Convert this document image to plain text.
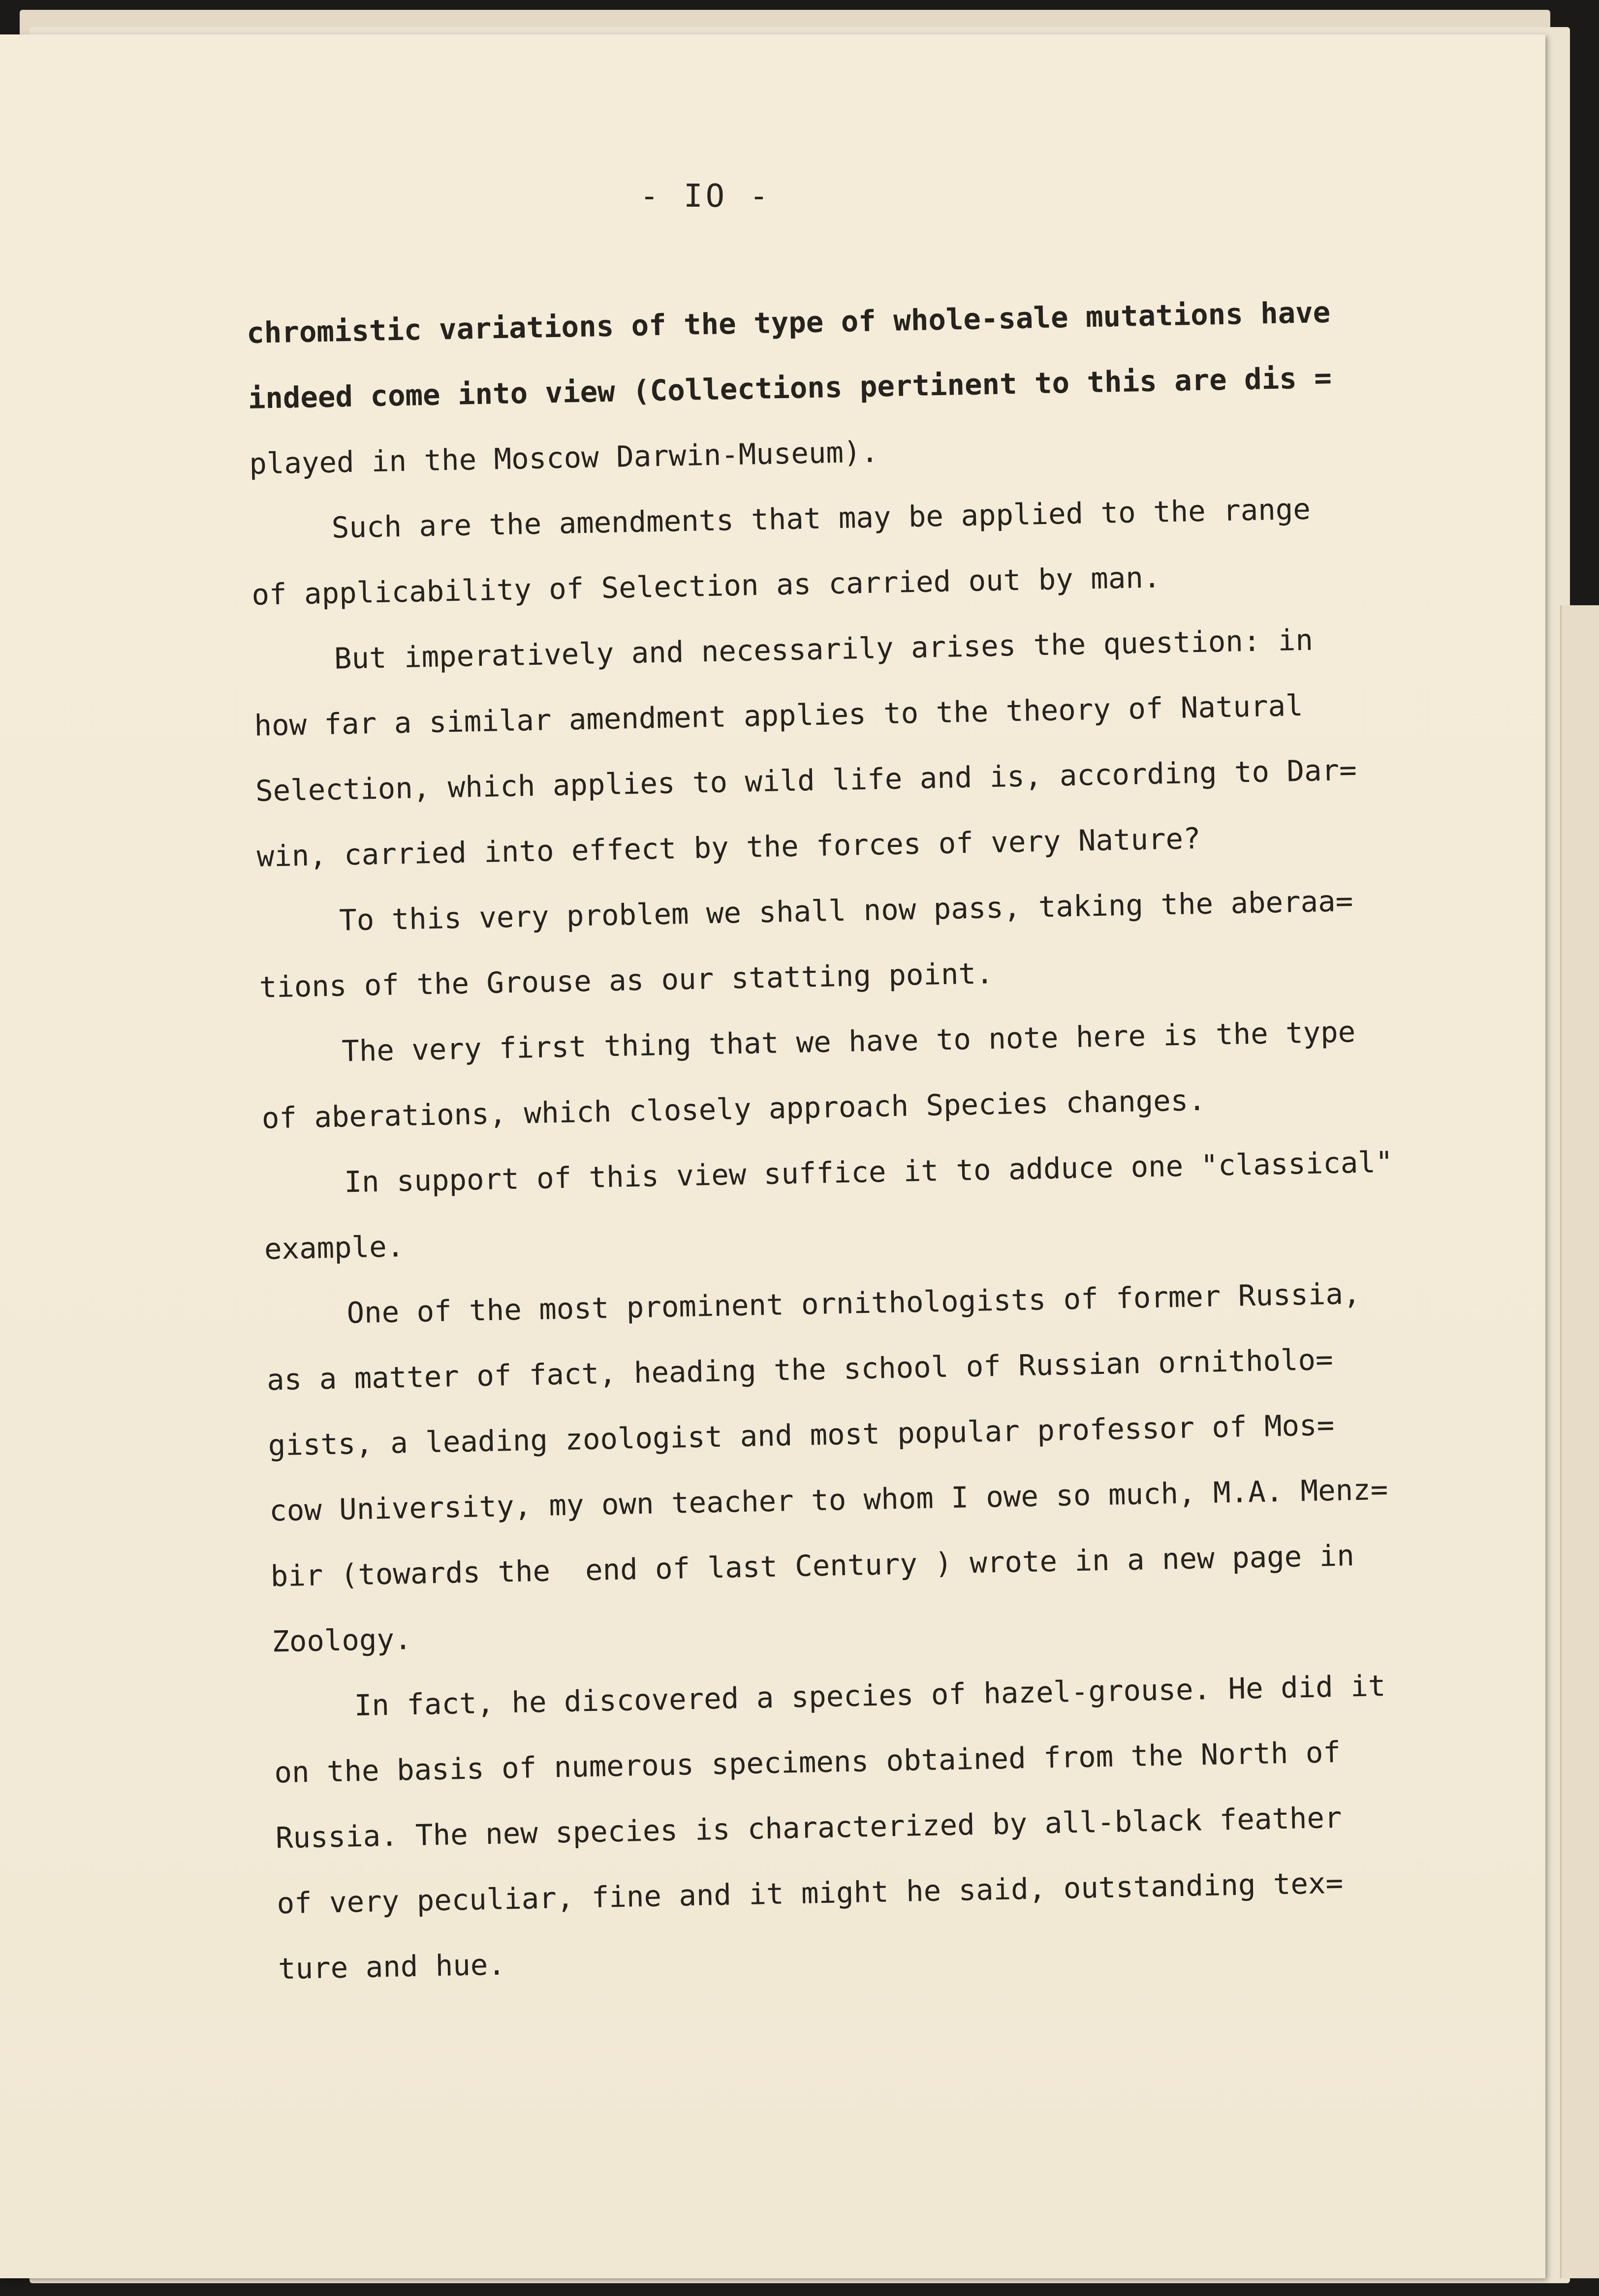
- IO -

chromistic variations of the type of whole-sale mutations have
indeed come into view (Collections pertinent to this are dis =
played in the Moscow Darwin-Museum).
Such are the amendments that may be applied to the range
of applicability of Selection as carried out by man.
But imperatively and necessarily arises the question: in
how far a similar amendment applies to the theory of Natural
Selection, which applies to wild life and is, according to Dar=
win, carried into effect by the forces of very Nature?
To this very problem we shall now pass, taking the aberaa=
tions of the Grouse as our statting point.
The very first thing that we have to note here is the type
of aberations, which closely approach Species changes.
In support of this view suffice it to adduce one "classical"
example.
One of the most prominent ornithologists of former Russia,
as a matter of fact, heading the school of Russian ornitholo=
gists, a leading zoologist and most popular professor of Mos=
cow University, my own teacher to whom I owe so much, M.A. Menz=
bir (towards the  end of last Century ) wrote in a new page in
Zoology.
In fact, he discovered a species of hazel-grouse. He did it
on the basis of numerous specimens obtained from the North of
Russia. The new species is characterized by all-black feather
of very peculiar, fine and it might he said, outstanding tex=
ture and hue.
